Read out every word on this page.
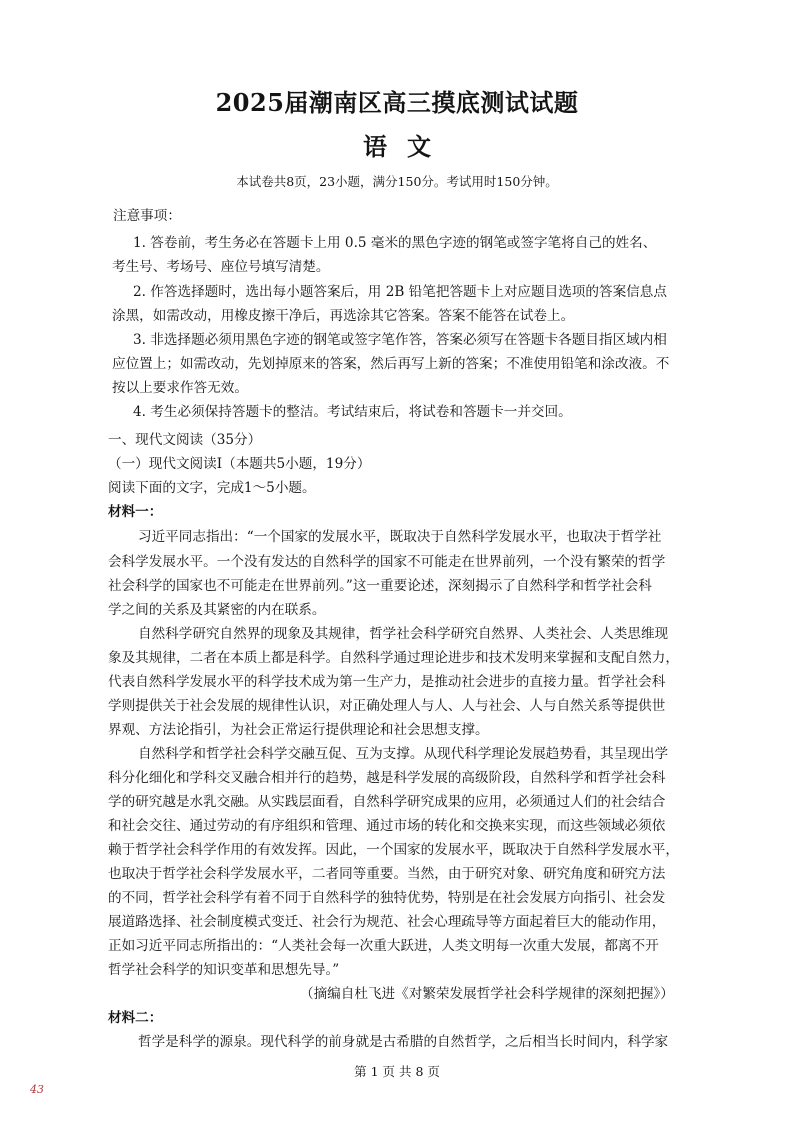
2025届潮南区高三摸底测试试题
语文
本试卷共8页，23小题，满分150分。考试用时150分钟。
注意事项：
1. 答卷前，考生务必在答题卡上用 0.5 毫米的黑色字迹的钢笔或签字笔将自己的姓名、
考生号、考场号、座位号填写清楚。
2. 作答选择题时，选出每小题答案后，用 2B 铅笔把答题卡上对应题目选项的答案信息点
涂黑，如需改动，用橡皮擦干净后，再选涂其它答案。答案不能答在试卷上。
3. 非选择题必须用黑色字迹的钢笔或签字笔作答，答案必须写在答题卡各题目指区域内相
应位置上；如需改动，先划掉原来的答案，然后再写上新的答案；不准使用铅笔和涂改液。不
按以上要求作答无效。
4. 考生必须保持答题卡的整洁。考试结束后，将试卷和答题卡一并交回。
一、现代文阅读（35分）
（一）现代文阅读Ⅰ（本题共5小题，19分）
阅读下面的文字，完成1～5小题。
材料一：
习近平同志指出：“一个国家的发展水平，既取决于自然科学发展水平，也取决于哲学社
会科学发展水平。一个没有发达的自然科学的国家不可能走在世界前列，一个没有繁荣的哲学
社会科学的国家也不可能走在世界前列。”这一重要论述，深刻揭示了自然科学和哲学社会科
学之间的关系及其紧密的内在联系。
自然科学研究自然界的现象及其规律，哲学社会科学研究自然界、人类社会、人类思维现
象及其规律，二者在本质上都是科学。自然科学通过理论进步和技术发明来掌握和支配自然力，
代表自然科学发展水平的科学技术成为第一生产力，是推动社会进步的直接力量。哲学社会科
学则提供关于社会发展的规律性认识，对正确处理人与人、人与社会、人与自然关系等提供世
界观、方法论指引，为社会正常运行提供理论和社会思想支撑。
自然科学和哲学社会科学交融互促、互为支撑。从现代科学理论发展趋势看，其呈现出学
科分化细化和学科交叉融合相并行的趋势，越是科学发展的高级阶段，自然科学和哲学社会科
学的研究越是水乳交融。从实践层面看，自然科学研究成果的应用，必须通过人们的社会结合
和社会交往、通过劳动的有序组织和管理、通过市场的转化和交换来实现，而这些领域必须依
赖于哲学社会科学作用的有效发挥。因此，一个国家的发展水平，既取决于自然科学发展水平，
也取决于哲学社会科学发展水平，二者同等重要。当然，由于研究对象、研究角度和研究方法
的不同，哲学社会科学有着不同于自然科学的独特优势，特别是在社会发展方向指引、社会发
展道路选择、社会制度模式变迁、社会行为规范、社会心理疏导等方面起着巨大的能动作用，
正如习近平同志所指出的：“人类社会每一次重大跃进，人类文明每一次重大发展，都离不开
哲学社会科学的知识变革和思想先导。”
（摘编自杜飞进《对繁荣发展哲学社会科学规律的深刻把握》）
材料二：
哲学是科学的源泉。现代科学的前身就是古希腊的自然哲学，之后相当长时间内，科学家
第 1 页 共 8 页
43
